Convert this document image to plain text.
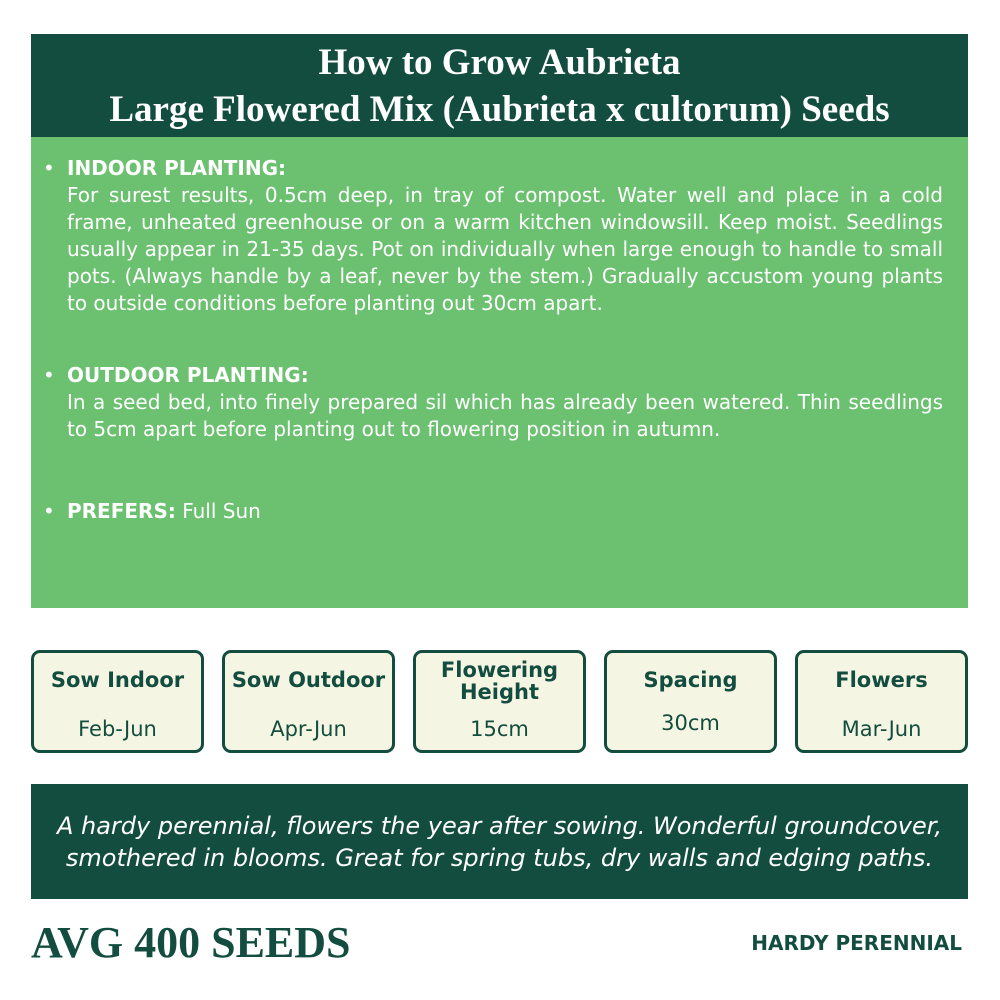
How to Grow Aubrieta
Large Flowered Mix (Aubrieta x cultorum) Seeds
• INDOOR PLANTING:
For surest results, 0.5cm deep, in tray of compost. Water well and place in a cold frame, unheated greenhouse or on a warm kitchen windowsill. Keep moist. Seedlings usually appear in 21-35 days. Pot on individually when large enough to handle to small pots. (Always handle by a leaf, never by the stem.) Gradually accustom young plants to outside conditions before planting out 30cm apart.
• OUTDOOR PLANTING:
In a seed bed, into finely prepared sil which has already been watered. Thin seedlings to 5cm apart before planting out to flowering position in autumn.
• PREFERS: Full Sun
Sow Indoor
Feb-Jun
Sow Outdoor
Apr-Jun
Flowering Height
15cm
Spacing
30cm
Flowers
Mar-Jun
A hardy perennial, flowers the year after sowing. Wonderful groundcover, smothered in blooms. Great for spring tubs, dry walls and edging paths.
AVG 400 SEEDS	HARDY PERENNIAL
